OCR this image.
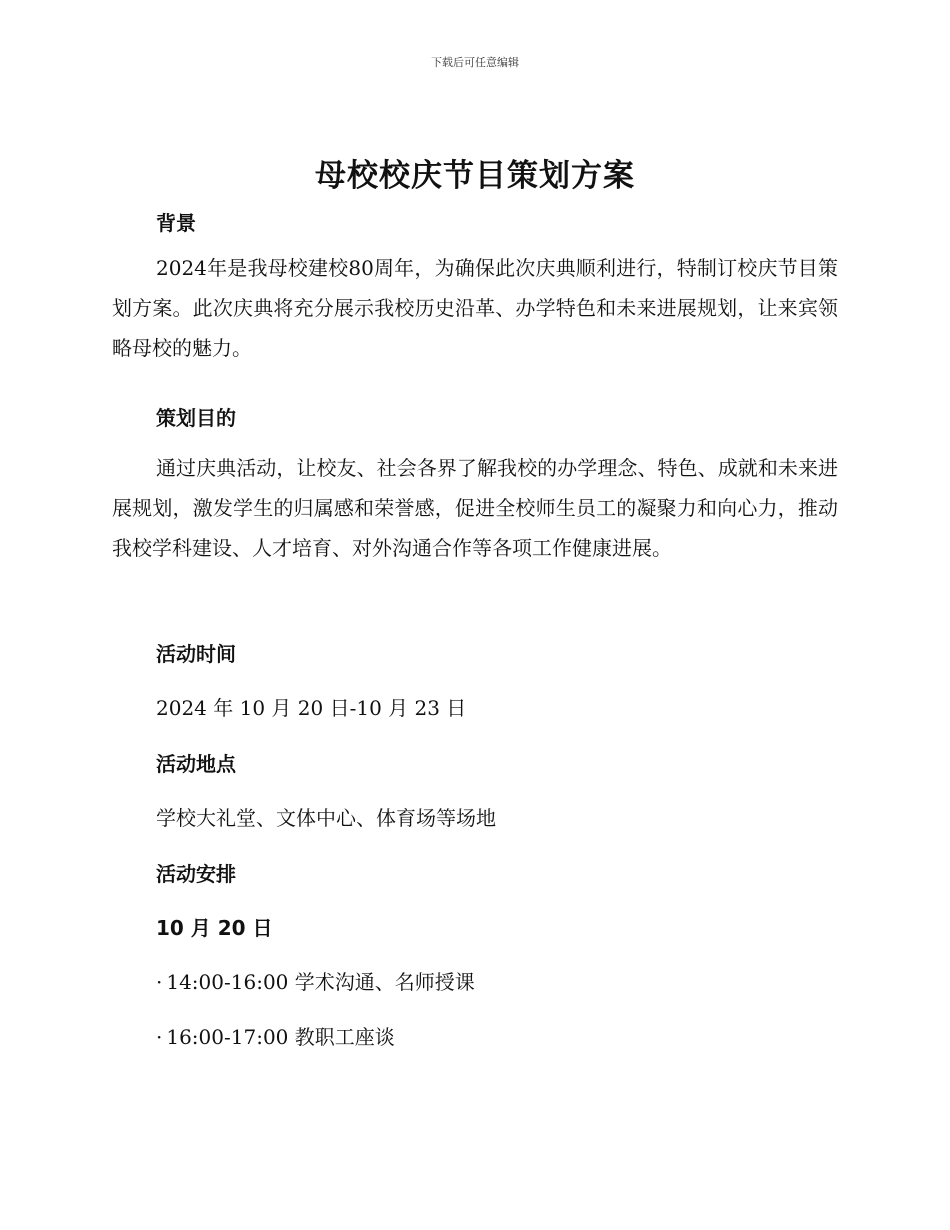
下载后可任意编辑
母校校庆节目策划方案
背景

2024年是我母校建校80周年，为确保此次庆典顺利进行，特制订校庆节目策划方案。此次庆典将充分展示我校历史沿革、办学特色和未来进展规划，让来宾领略母校的魅力。

策划目的

通过庆典活动，让校友、社会各界了解我校的办学理念、特色、成就和未来进展规划，激发学生的归属感和荣誉感，促进全校师生员工的凝聚力和向心力，推动我校学科建设、人才培育、对外沟通合作等各项工作健康进展。

活动时间

2024 年 10 月 20 日-10 月 23 日

活动地点

学校大礼堂、文体中心、体育场等场地

活动安排
10 月 20 日
· 14:00-16:00 学术沟通、名师授课
· 16:00-17:00 教职工座谈
